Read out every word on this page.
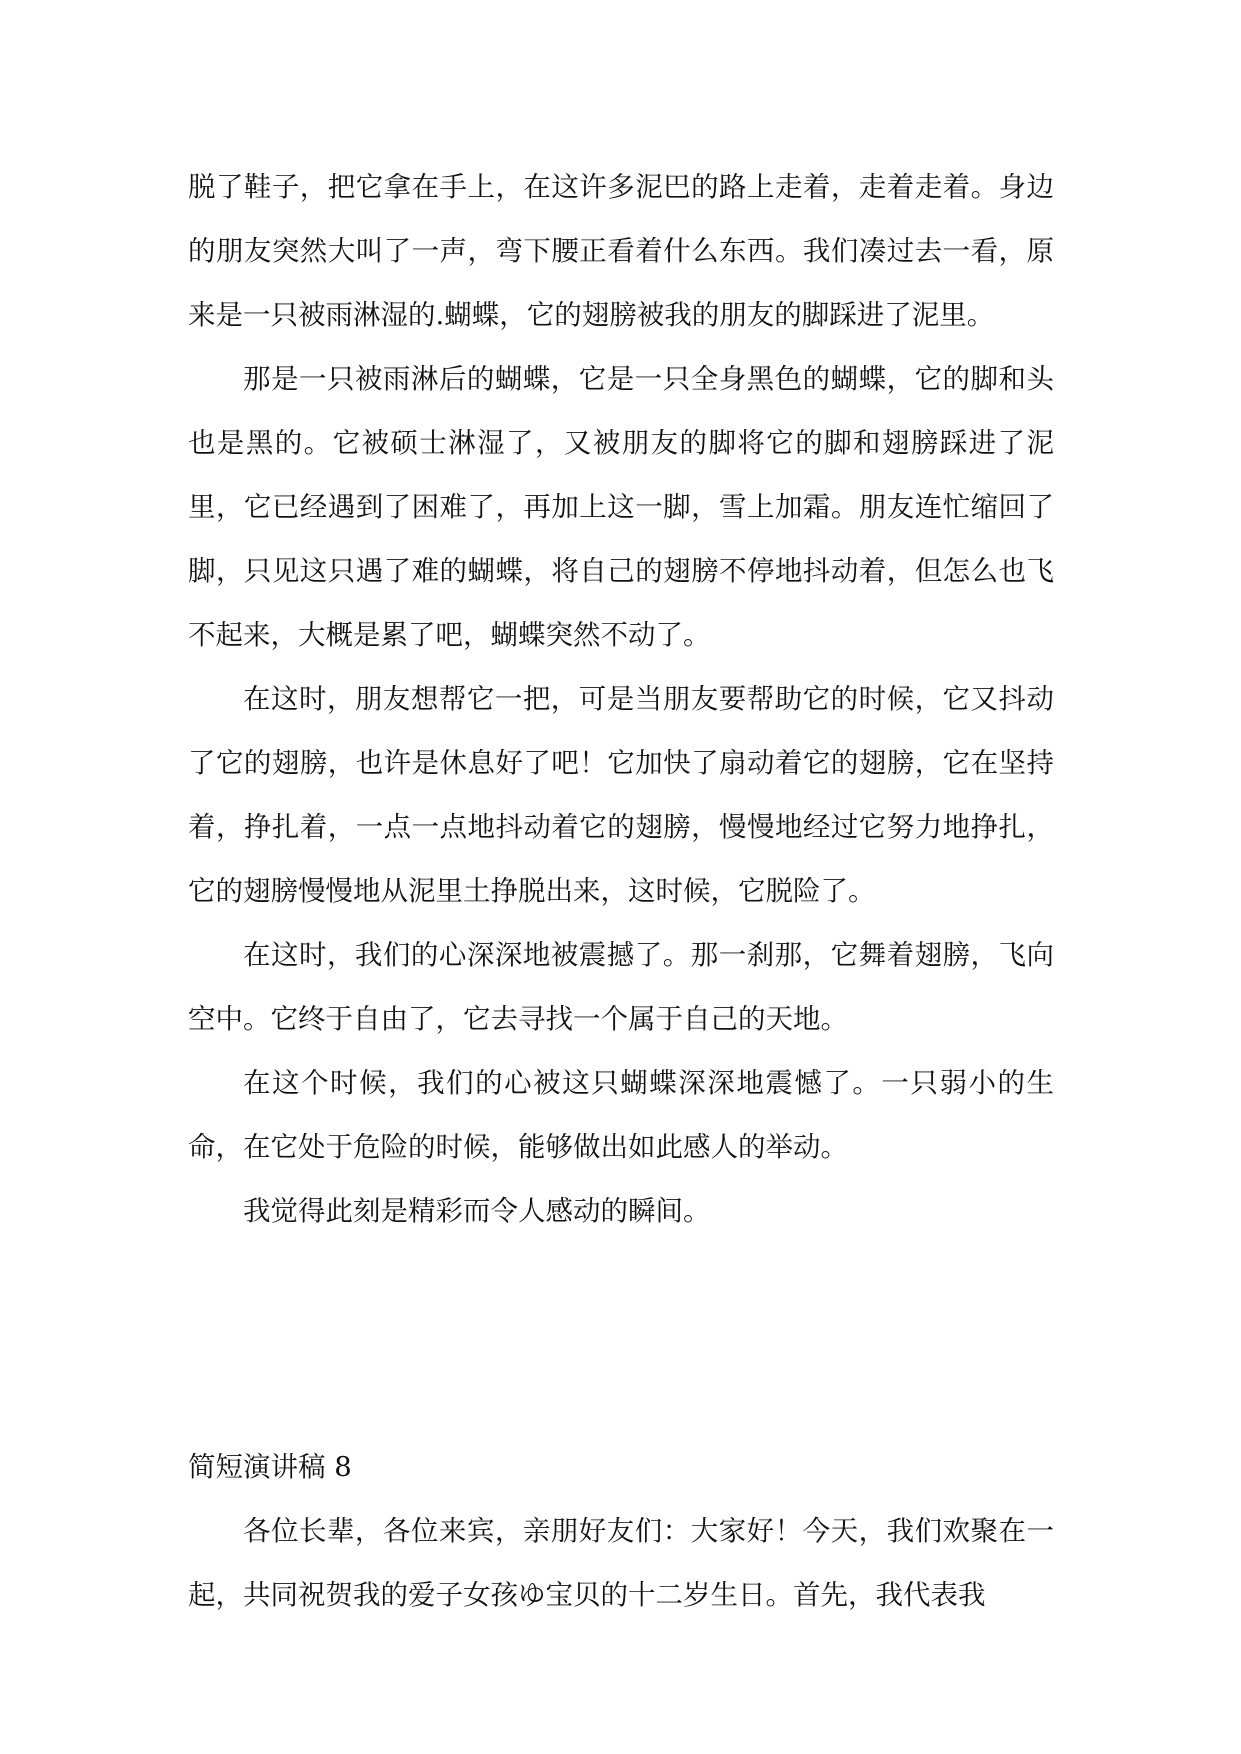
脱了鞋子，把它拿在手上，在这许多泥巴的路上走着，走着走着。身边的朋友突然大叫了一声，弯下腰正看着什么东西。我们凑过去一看，原来是一只被雨淋湿的.蝴蝶，它的翅膀被我的朋友的脚踩进了泥里。

那是一只被雨淋后的蝴蝶，它是一只全身黑色的蝴蝶，它的脚和头也是黑的。它被硕士淋湿了，又被朋友的脚将它的脚和翅膀踩进了泥里，它已经遇到了困难了，再加上这一脚，雪上加霜。朋友连忙缩回了脚，只见这只遇了难的蝴蝶，将自己的翅膀不停地抖动着，但怎么也飞不起来，大概是累了吧，蝴蝶突然不动了。

在这时，朋友想帮它一把，可是当朋友要帮助它的时候，它又抖动了它的翅膀，也许是休息好了吧！它加快了扇动着它的翅膀，它在坚持着，挣扎着，一点一点地抖动着它的翅膀，慢慢地经过它努力地挣扎，它的翅膀慢慢地从泥里土挣脱出来，这时候，它脱险了。

在这时，我们的心深深地被震撼了。那一刹那，它舞着翅膀，飞向空中。它终于自由了，它去寻找一个属于自己的天地。

在这个时候，我们的心被这只蝴蝶深深地震憾了。一只弱小的生命，在它处于危险的时候，能够做出如此感人的举动。

我觉得此刻是精彩而令人感动的瞬间。

简短演讲稿 8

各位长辈，各位来宾，亲朋好友们：大家好！今天，我们欢聚在一起，共同祝贺我的爱子女孩ゆ宝贝的十二岁生日。首先，我代表我
